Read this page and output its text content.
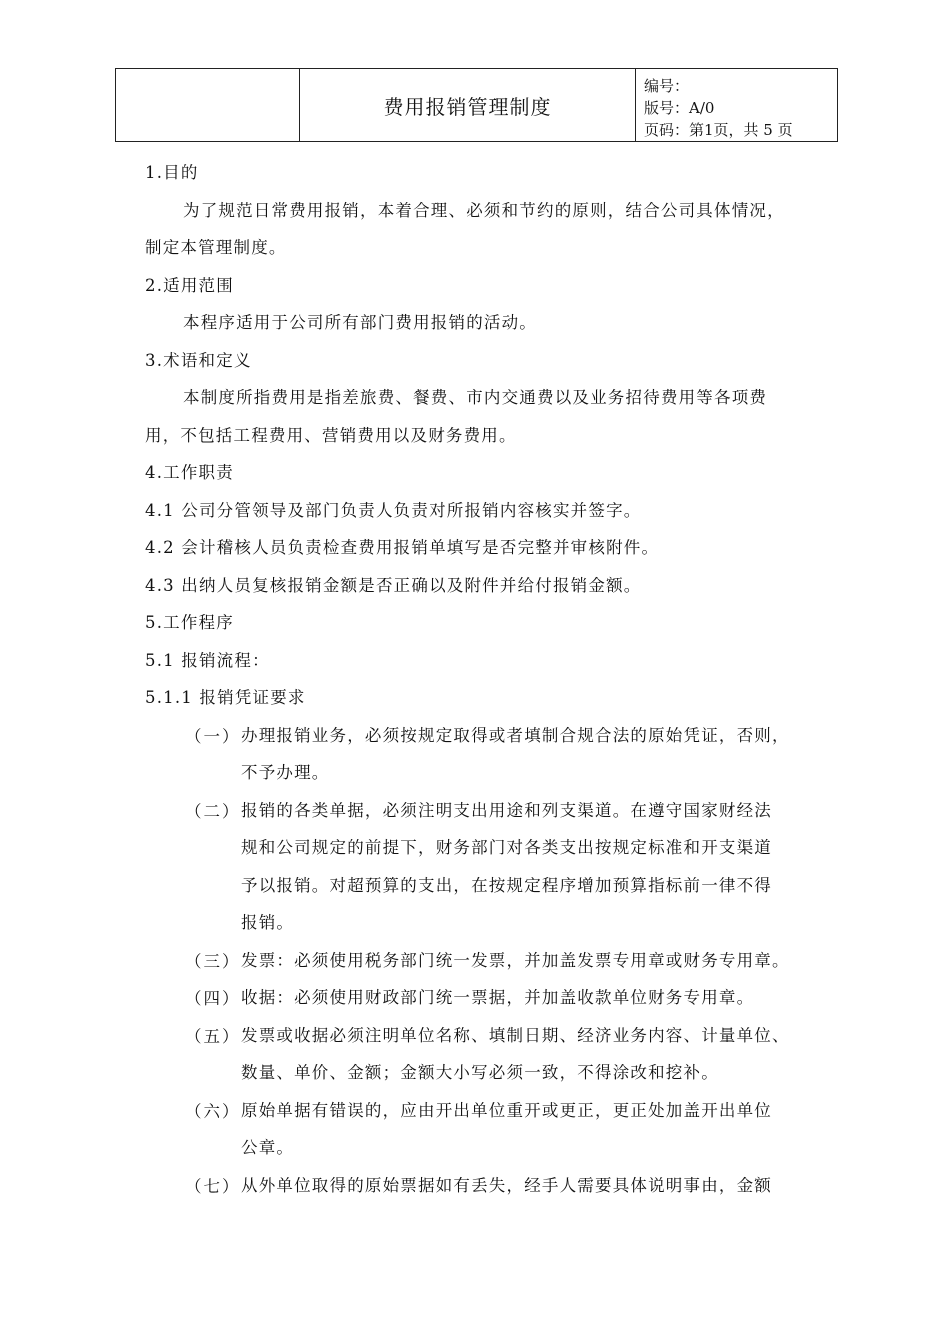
费用报销管理制度
编号：
版号：A/0
页码：第1页，共 5 页
1.目的
为了规范日常费用报销，本着合理、必须和节约的原则，结合公司具体情况，
制定本管理制度。
2.适用范围
本程序适用于公司所有部门费用报销的活动。
3.术语和定义
本制度所指费用是指差旅费、餐费、市内交通费以及业务招待费用等各项费
用，不包括工程费用、营销费用以及财务费用。
4.工作职责
4.1 公司分管领导及部门负责人负责对所报销内容核实并签字。
4.2 会计稽核人员负责检查费用报销单填写是否完整并审核附件。
4.3 出纳人员复核报销金额是否正确以及附件并给付报销金额。
5.工作程序
5.1 报销流程：
5.1.1 报销凭证要求
（一） 办理报销业务，必须按规定取得或者填制合规合法的原始凭证，否则，
不予办理。
（二） 报销的各类单据，必须注明支出用途和列支渠道。在遵守国家财经法
规和公司规定的前提下，财务部门对各类支出按规定标准和开支渠道
予以报销。对超预算的支出，在按规定程序增加预算指标前一律不得
报销。
（三） 发票：必须使用税务部门统一发票，并加盖发票专用章或财务专用章。
（四） 收据：必须使用财政部门统一票据，并加盖收款单位财务专用章。
（五） 发票或收据必须注明单位名称、填制日期、经济业务内容、计量单位、
数量、单价、金额；金额大小写必须一致，不得涂改和挖补。
（六） 原始单据有错误的，应由开出单位重开或更正，更正处加盖开出单位
公章。
（七） 从外单位取得的原始票据如有丢失，经手人需要具体说明事由，金额
